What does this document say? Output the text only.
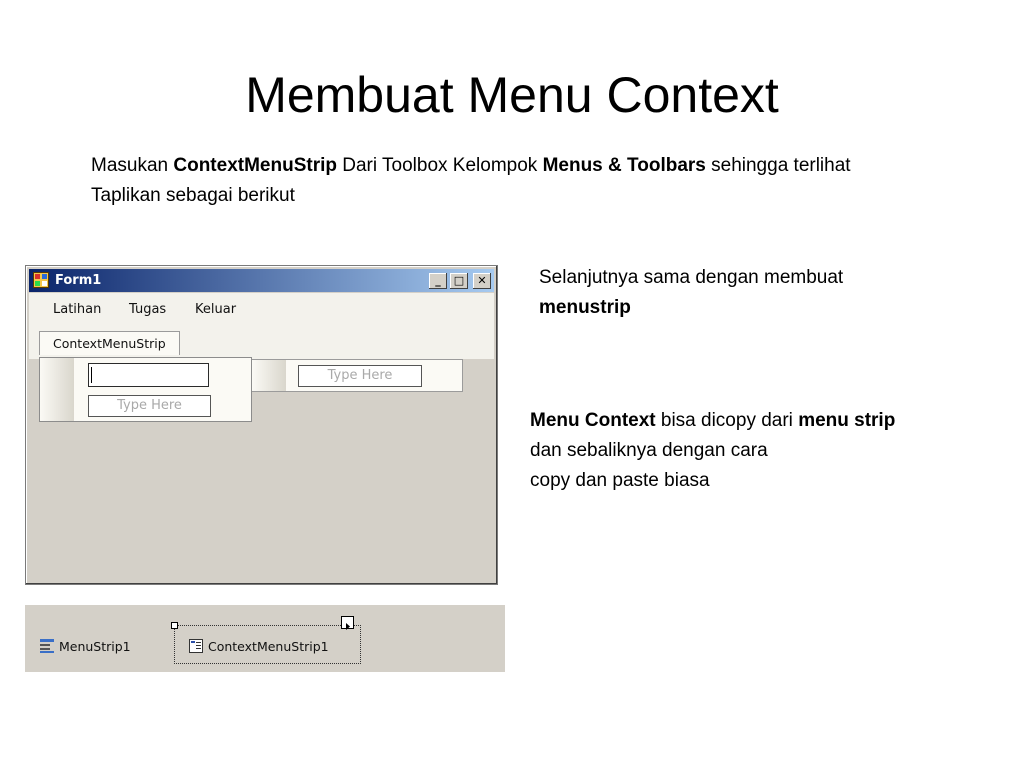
Membuat Menu Context
Masukan ContextMenuStrip Dari Toolbox Kelompok Menus & Toolbars sehingga terlihat
Taplikan sebagai berikut
Selanjutnya sama dengan membuat
menustrip
Menu Context bisa dicopy dari menu strip
dan sebaliknya dengan cara
copy dan paste biasa
Form1	_	□	✕
Latihan Tugas Keluar
ContextMenuStrip
Type Here
Type Here
MenuStrip1	ContextMenuStrip1
